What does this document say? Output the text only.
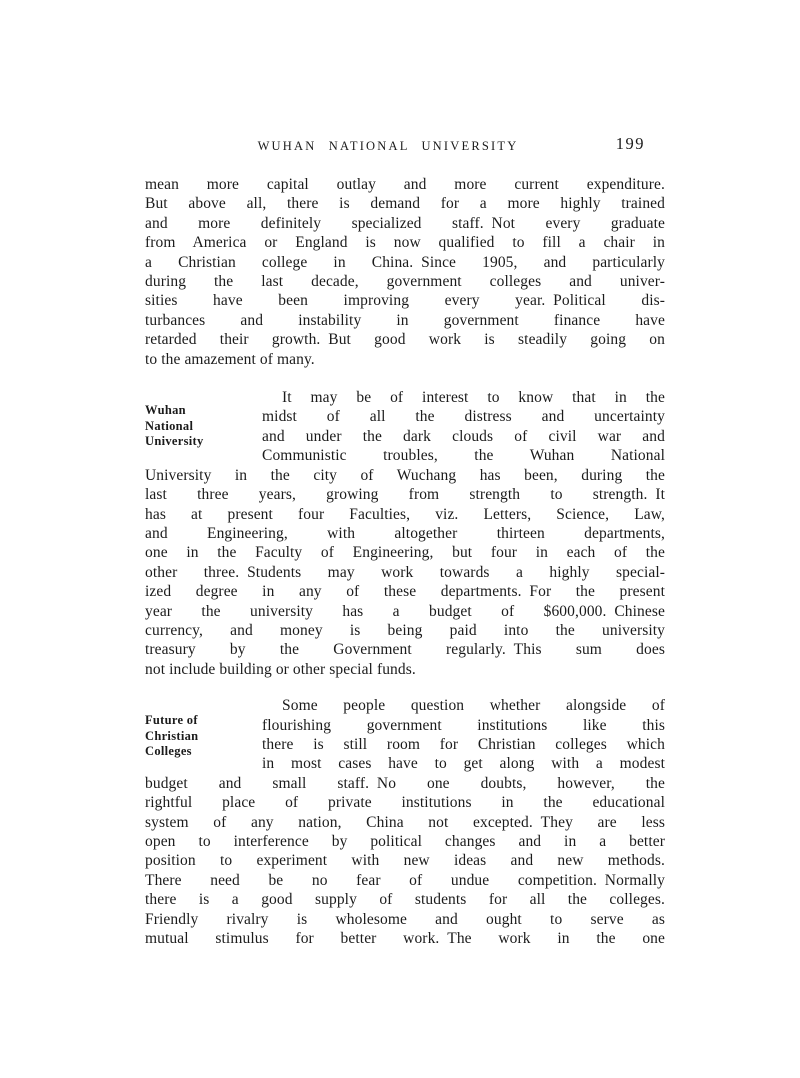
WUHAN NATIONAL UNIVERSITY	199
mean more capital outlay and more current expenditure.
But above all, there is demand for a more highly trained
and more definitely specialized staff. Not every graduate
from America or England is now qualified to fill a chair in
a Christian college in China. Since 1905, and particularly
during the last decade, government colleges and univer-
sities have been improving every year. Political dis-
turbances and instability in government finance have
retarded their growth. But good work is steadily going on
to the amazement of many.
Wuhan
National
University
It may be of interest to know that in the
midst of all the distress and uncertainty
and under the dark clouds of civil war and
Communistic troubles, the Wuhan National
University in the city of Wuchang has been, during the
last three years, growing from strength to strength. It
has at present four Faculties, viz. Letters, Science, Law,
and Engineering, with altogether thirteen departments,
one in the Faculty of Engineering, but four in each of the
other three. Students may work towards a highly special-
ized degree in any of these departments. For the present
year the university has a budget of $600,000. Chinese
currency, and money is being paid into the university
treasury by the Government regularly. This sum does
not include building or other special funds.
Future of
Christian
Colleges
Some people question whether alongside of
flourishing government institutions like this
there is still room for Christian colleges which
in most cases have to get along with a modest
budget and small staff. No one doubts, however, the
rightful place of private institutions in the educational
system of any nation, China not excepted. They are less
open to interference by political changes and in a better
position to experiment with new ideas and new methods.
There need be no fear of undue competition. Normally
there is a good supply of students for all the colleges.
Friendly rivalry is wholesome and ought to serve as
mutual stimulus for better work. The work in the one
